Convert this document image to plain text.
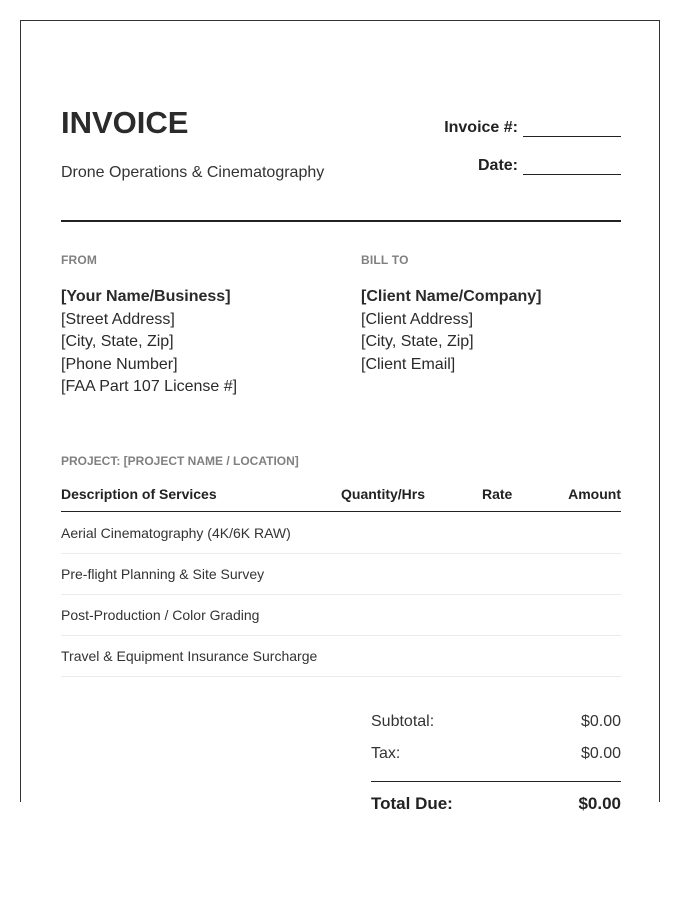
INVOICE
Drone Operations & Cinematography
Invoice #:
Date:
FROM	BILL TO
[Your Name/Business]
[Street Address]
[City, State, Zip]
[Phone Number]
[FAA Part 107 License #]
[Client Name/Company]
[Client Address]
[City, State, Zip]
[Client Email]
PROJECT: [PROJECT NAME / LOCATION]
Description of Services	Quantity/Hrs	Rate	Amount
Aerial Cinematography (4K/6K RAW)
Pre-flight Planning & Site Survey
Post-Production / Color Grading
Travel & Equipment Insurance Surcharge
Subtotal:	$0.00
Tax:	$0.00
Total Due:	$0.00
